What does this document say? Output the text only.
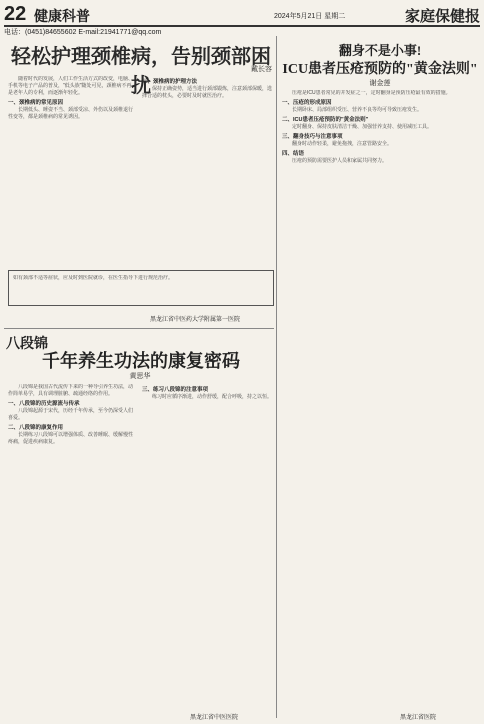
22 健康科普	2024年5月21日 星期二	家庭保健报
电话：(0451)84655602 E-mail:21941771@qq.com
轻松护理颈椎病，告别颈部困扰
戴长容

随着时代的发展，人们工作生活方式的改变，电脑、手机等电子产品的普及，"低头族"随处可见，颈椎病不再是老年人的专利，而逐渐年轻化。

一、颈椎病的常见原因

长期低头、睡姿不当、颈部受凉、外伤以及颈椎退行性变等，都是颈椎病的常见诱因。

二、颈椎病的护理方法

保持正确姿势，适当进行颈部锻炼，注意颈部保暖，选择合适的枕头，必要时及时就医治疗。

如有颈部不适等症状，应及时到医院就诊，在医生指导下进行规范治疗。
黑龙江省中医药大学附属第一医院
八段锦
千年养生功法的康复密码
黄思华

八段锦是我国古代流传下来的一种导引养生功法，动作简单易学，具有调理脏腑、疏通经络的作用。

一、八段锦的历史源流与传承

八段锦起源于宋代，历经千年传承，至今仍深受人们喜爱。

二、八段锦的康复作用

长期练习八段锦可以增强体质、改善睡眠、缓解慢性疼痛，促进疾病康复。

三、练习八段锦的注意事项

练习时应循序渐进，动作舒缓，配合呼吸，持之以恒。

黑龙江省中医医院
翻身不是小事!
ICU患者压疮预防的"黄金法则"
谢金莲

压疮是ICU患者常见的并发症之一，定时翻身是预防压疮最有效的措施。

一、压疮的形成原因

长期卧床、局部组织受压、营养不良等均可导致压疮发生。

二、ICU患者压疮预防的"黄金法则"

定时翻身、保持皮肤清洁干燥、加强营养支持、使用减压工具。

三、翻身技巧与注意事项

翻身时动作轻柔，避免拖拽，注意管路安全。

四、结语

压疮的预防需要医护人员和家属共同努力。

黑龙江省医院
